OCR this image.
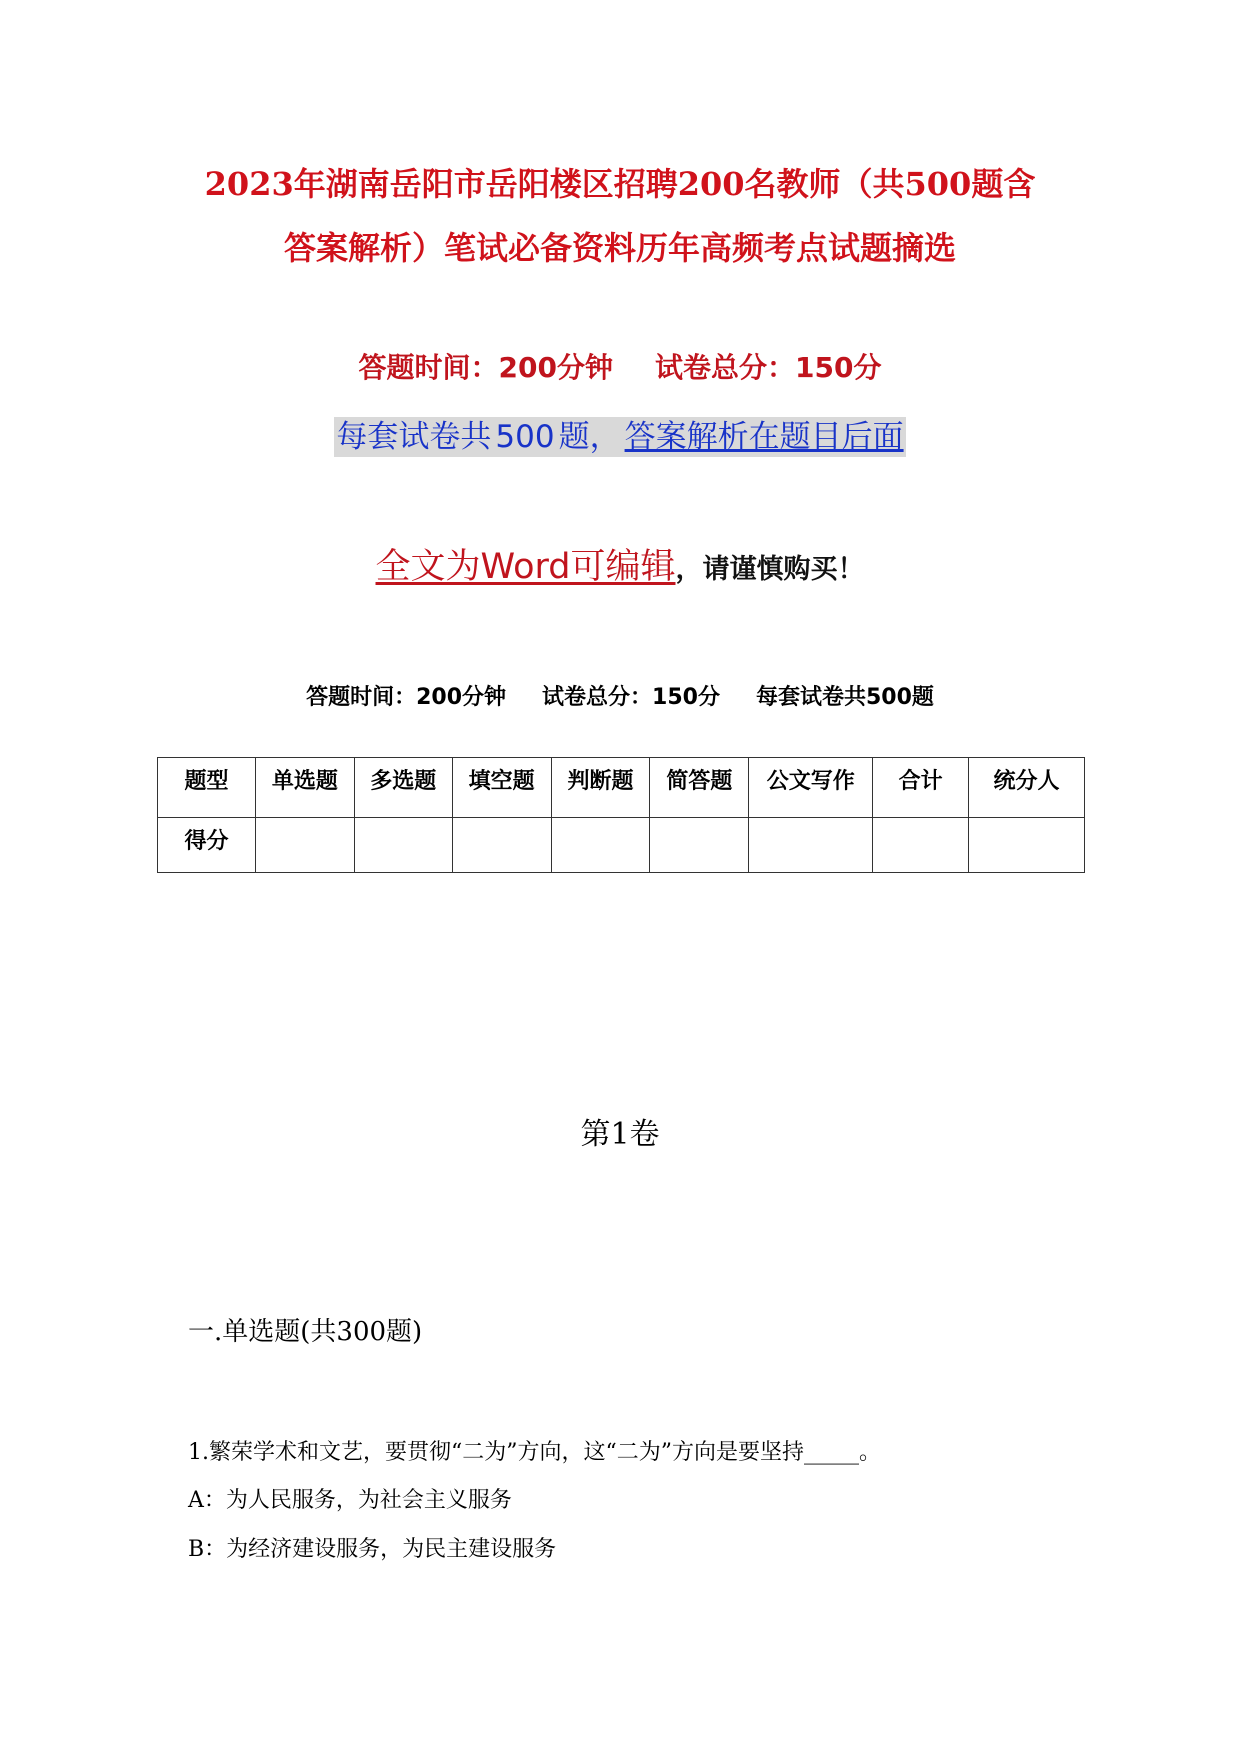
2023年湖南岳阳市岳阳楼区招聘200名教师（共500题含
答案解析）笔试必备资料历年高频考点试题摘选
答题时间：200分钟 试卷总分：150分
每套试卷共 500 题， 答案解析在题目后面
全文为Word可编辑，请谨慎购买！
答题时间：200分钟 试卷总分：150分 每套试卷共500题
题型	单选题	多选题	填空题	判断题	简答题	公文写作	合计	统分人
得分								
第1卷
一.单选题(共300题)
1.繁荣学术和文艺，要贯彻“二为”方向，这“二为”方向是要坚持_____。
A：为人民服务，为社会主义服务
B：为经济建设服务，为民主建设服务
